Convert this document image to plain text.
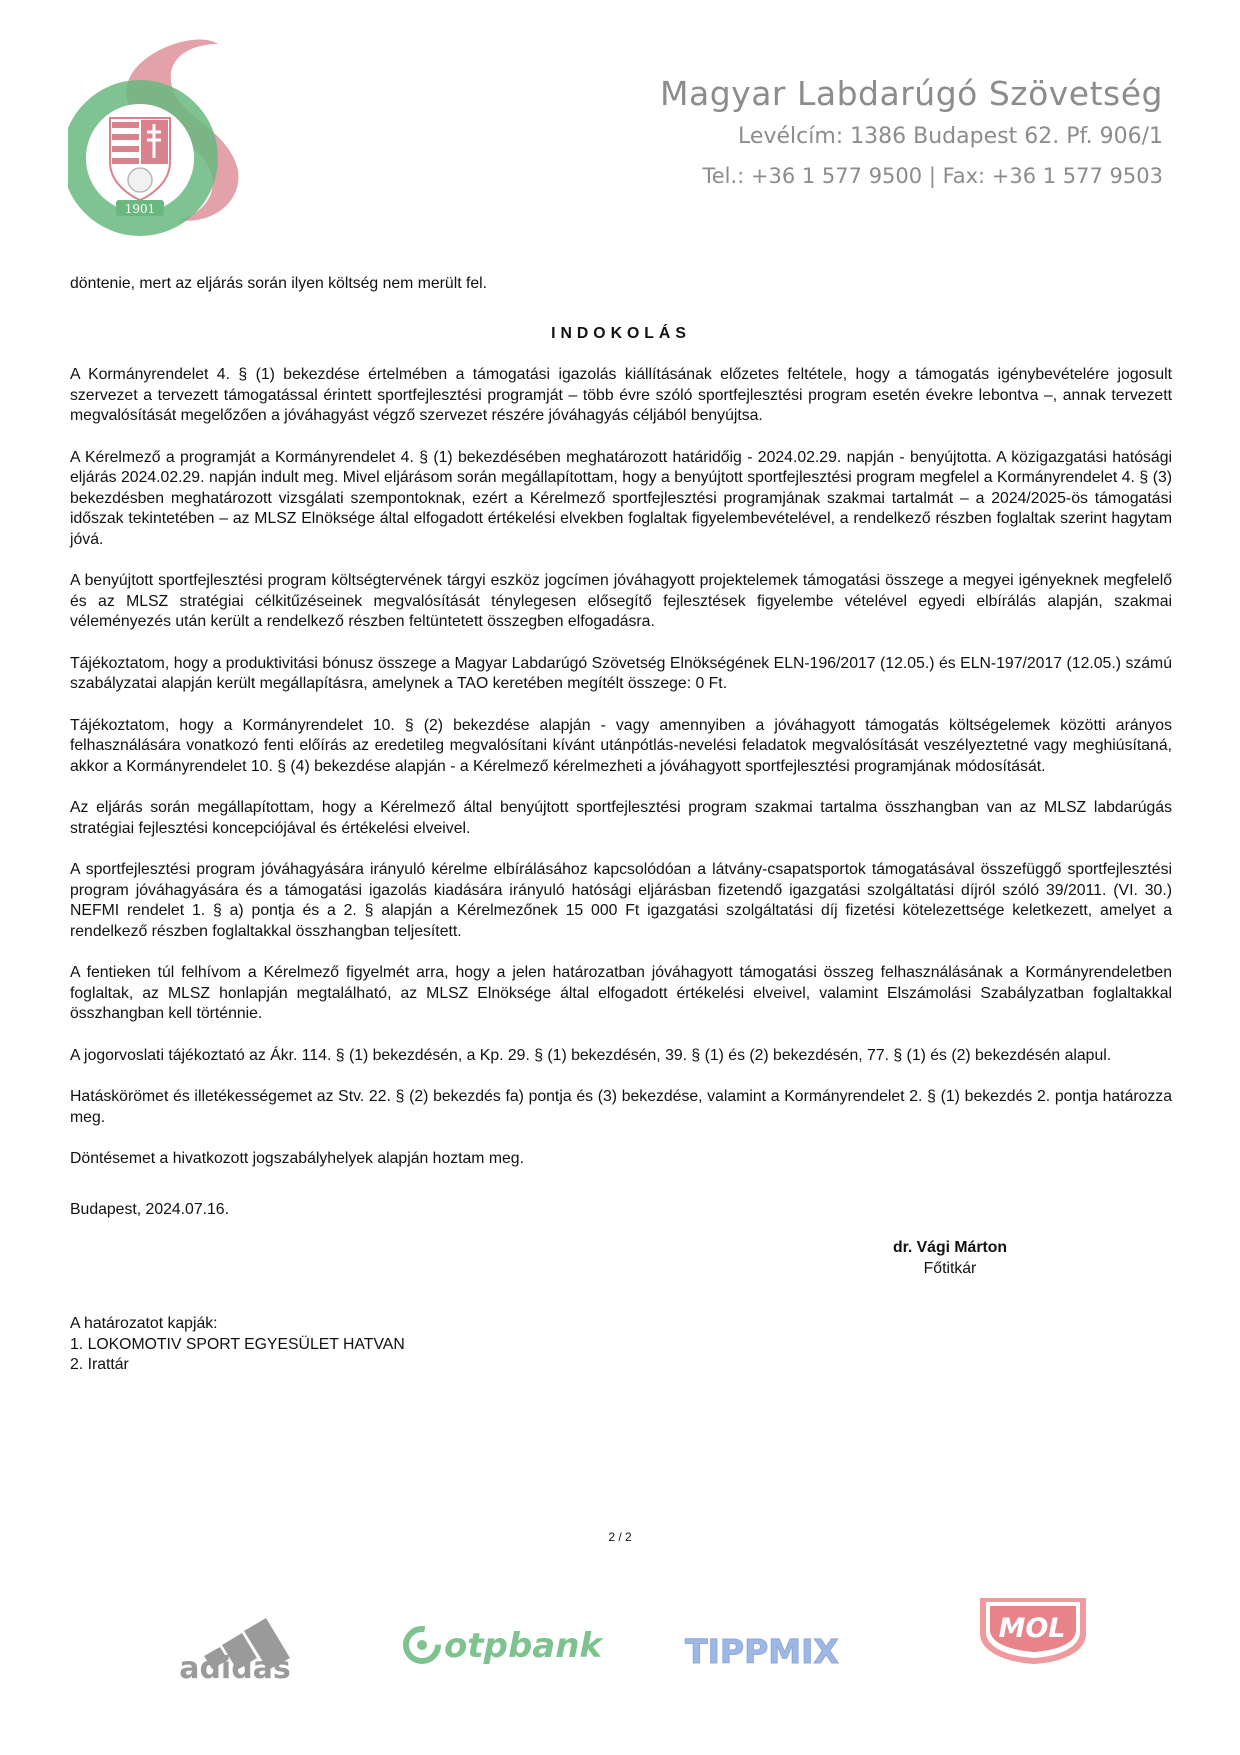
1901
Magyar Labdarúgó Szövetség
Levélcím: 1386 Budapest 62. Pf. 906/1
Tel.: +36 1 577 9500 | Fax: +36 1 577 9503

döntenie, mert az eljárás során ilyen költség nem merült fel.

INDOKOLÁS

A Kormányrendelet 4. § (1) bekezdése értelmében a támogatási igazolás kiállításának előzetes feltétele, hogy a támogatás igénybevételére jogosult szervezet a tervezett támogatással érintett sportfejlesztési programját – több évre szóló sportfejlesztési program esetén évekre lebontva –, annak tervezett megvalósítását megelőzően a jóváhagyást végző szervezet részére jóváhagyás céljából benyújtsa.

A Kérelmező a programját a Kormányrendelet 4. § (1) bekezdésében meghatározott határidőig - 2024.02.29. napján - benyújtotta. A közigazgatási hatósági eljárás 2024.02.29. napján indult meg. Mivel eljárásom során megállapítottam, hogy a benyújtott sportfejlesztési program megfelel a Kormányrendelet 4. § (3) bekezdésben meghatározott vizsgálati szempontoknak, ezért a Kérelmező sportfejlesztési programjának szakmai tartalmát – a 2024/2025-ös támogatási időszak tekintetében – az MLSZ Elnöksége által elfogadott értékelési elvekben foglaltak figyelembevételével, a rendelkező részben foglaltak szerint hagytam jóvá.

A benyújtott sportfejlesztési program költségtervének tárgyi eszköz jogcímen jóváhagyott projektelemek támogatási összege a megyei igényeknek megfelelő és az MLSZ stratégiai célkitűzéseinek megvalósítását ténylegesen elősegítő fejlesztések figyelembe vételével egyedi elbírálás alapján, szakmai véleményezés után került a rendelkező részben feltüntetett összegben elfogadásra.

Tájékoztatom, hogy a produktivitási bónusz összege a Magyar Labdarúgó Szövetség Elnökségének ELN-196/2017 (12.05.) és ELN-197/2017 (12.05.) számú szabályzatai alapján került megállapításra, amelynek a TAO keretében megítélt összege: 0 Ft.

Tájékoztatom, hogy a Kormányrendelet 10. § (2) bekezdése alapján - vagy amennyiben a jóváhagyott támogatás költségelemek közötti arányos felhasználására vonatkozó fenti előírás az eredetileg megvalósítani kívánt utánpótlás-nevelési feladatok megvalósítását veszélyeztetné vagy meghiúsítaná, akkor a Kormányrendelet 10. § (4) bekezdése alapján - a Kérelmező kérelmezheti a jóváhagyott sportfejlesztési programjának módosítását.

Az eljárás során megállapítottam, hogy a Kérelmező által benyújtott sportfejlesztési program szakmai tartalma összhangban van az MLSZ labdarúgás stratégiai fejlesztési koncepciójával és értékelési elveivel.

A sportfejlesztési program jóváhagyására irányuló kérelme elbírálásához kapcsolódóan a látvány-csapatsportok támogatásával összefüggő sportfejlesztési program jóváhagyására és a támogatási igazolás kiadására irányuló hatósági eljárásban fizetendő igazgatási szolgáltatási díjról szóló 39/2011. (VI. 30.) NEFMI rendelet 1. § a) pontja és a 2. § alapján a Kérelmezőnek 15 000 Ft igazgatási szolgáltatási díj fizetési kötelezettsége keletkezett, amelyet a rendelkező részben foglaltakkal összhangban teljesített.

A fentieken túl felhívom a Kérelmező figyelmét arra, hogy a jelen határozatban jóváhagyott támogatási összeg felhasználásának a Kormányrendeletben foglaltak, az MLSZ honlapján megtalálható, az MLSZ Elnöksége által elfogadott értékelési elveivel, valamint Elszámolási Szabályzatban foglaltakkal összhangban kell történnie.

A jogorvoslati tájékoztató az Ákr. 114. § (1) bekezdésén, a Kp. 29. § (1) bekezdésén, 39. § (1) és (2) bekezdésén, 77. § (1) és (2) bekezdésén alapul.

Hatáskörömet és illetékességemet az Stv. 22. § (2) bekezdés fa) pontja és (3) bekezdése, valamint a Kormányrendelet 2. § (1) bekezdés 2. pontja határozza meg.

Döntésemet a hivatkozott jogszabályhelyek alapján hoztam meg.

Budapest, 2024.07.16.

dr. Vági Márton
Főtitkár
A határozatot kapják:
1. LOKOMOTIV SPORT EGYESÜLET HATVAN
2. Irattár
2 / 2
adidas
otpbank	TIPPMIX
MOL
